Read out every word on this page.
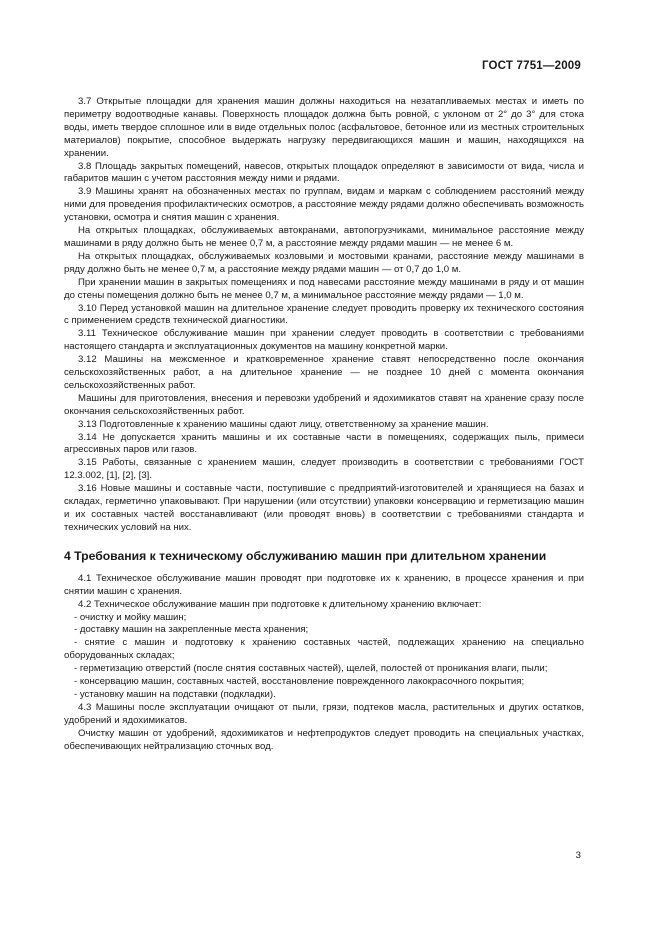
ГОСТ 7751—2009

3.7 Открытые площадки для хранения машин должны находиться на незатапливаемых местах и иметь по периметру водоотводные канавы. Поверхность площадок должна быть ровной, с уклоном от 2° до 3° для стока воды, иметь твердое сплошное или в виде отдельных полос (асфальтовое, бетонное или из местных строительных материалов) покрытие, способное выдержать нагрузку передвигающихся машин и машин, находящихся на хранении.

3.8 Площадь закрытых помещений, навесов, открытых площадок определяют в зависимости от вида, числа и габаритов машин с учетом расстояния между ними и рядами.

3.9 Машины хранят на обозначенных местах по группам, видам и маркам с соблюдением расстояний между ними для проведения профилактических осмотров, а расстояние между рядами должно обеспечивать возможность установки, осмотра и снятия машин с хранения.

На открытых площадках, обслуживаемых автокранами, автопогрузчиками, минимальное расстояние между машинами в ряду должно быть не менее 0,7 м, а расстояние между рядами машин — не менее 6 м.

На открытых площадках, обслуживаемых козловыми и мостовыми кранами, расстояние между машинами в ряду должно быть не менее 0,7 м, а расстояние между рядами машин — от 0,7 до 1,0 м.

При хранении машин в закрытых помещениях и под навесами расстояние между машинами в ряду и от машин до стены помещения должно быть не менее 0,7 м, а минимальное расстояние между рядами — 1,0 м.

3.10 Перед установкой машин на длительное хранение следует проводить проверку их технического состояния с применением средств технической диагностики.

3.11 Техническое обслуживание машин при хранении следует проводить в соответствии с требованиями настоящего стандарта и эксплуатационных документов на машину конкретной марки.

3.12 Машины на межсменное и кратковременное хранение ставят непосредственно после окончания сельскохозяйственных работ, а на длительное хранение — не позднее 10 дней с момента окончания сельскохозяйственных работ.

Машины для приготовления, внесения и перевозки удобрений и ядохимикатов ставят на хранение сразу после окончания сельскохозяйственных работ.

3.13 Подготовленные к хранению машины сдают лицу, ответственному за хранение машин.

3.14 Не допускается хранить машины и их составные части в помещениях, содержащих пыль, примеси агрессивных паров или газов.

3.15 Работы, связанные с хранением машин, следует производить в соответствии с требованиями ГОСТ 12.3.002, [1], [2], [3].

3.16 Новые машины и составные части, поступившие с предприятий-изготовителей и хранящиеся на базах и складах, герметично упаковывают. При нарушении (или отсутствии) упаковки консервацию и герметизацию машин и их составных частей восстанавливают (или проводят вновь) в соответствии с требованиями стандарта и технических условий на них.

4 Требования к техническому обслуживанию машин при длительном хранении

4.1 Техническое обслуживание машин проводят при подготовке их к хранению, в процессе хранения и при снятии машин с хранения.

4.2 Техническое обслуживание машин при подготовке к длительному хранению включает:

- очистку и мойку машин;

- доставку машин на закрепленные места хранения;

- снятие с машин и подготовку к хранению составных частей, подлежащих хранению на специально оборудованных складах;

- герметизацию отверстий (после снятия составных частей), щелей, полостей от проникания влаги, пыли;

- консервацию машин, составных частей, восстановление поврежденного лакокрасочного покрытия;

- установку машин на подставки (подкладки).

4.3 Машины после эксплуатации очищают от пыли, грязи, подтеков масла, растительных и других остатков, удобрений и ядохимикатов.

Очистку машин от удобрений, ядохимикатов и нефтепродуктов следует проводить на специальных участках, обеспечивающих нейтрализацию сточных вод.

3
